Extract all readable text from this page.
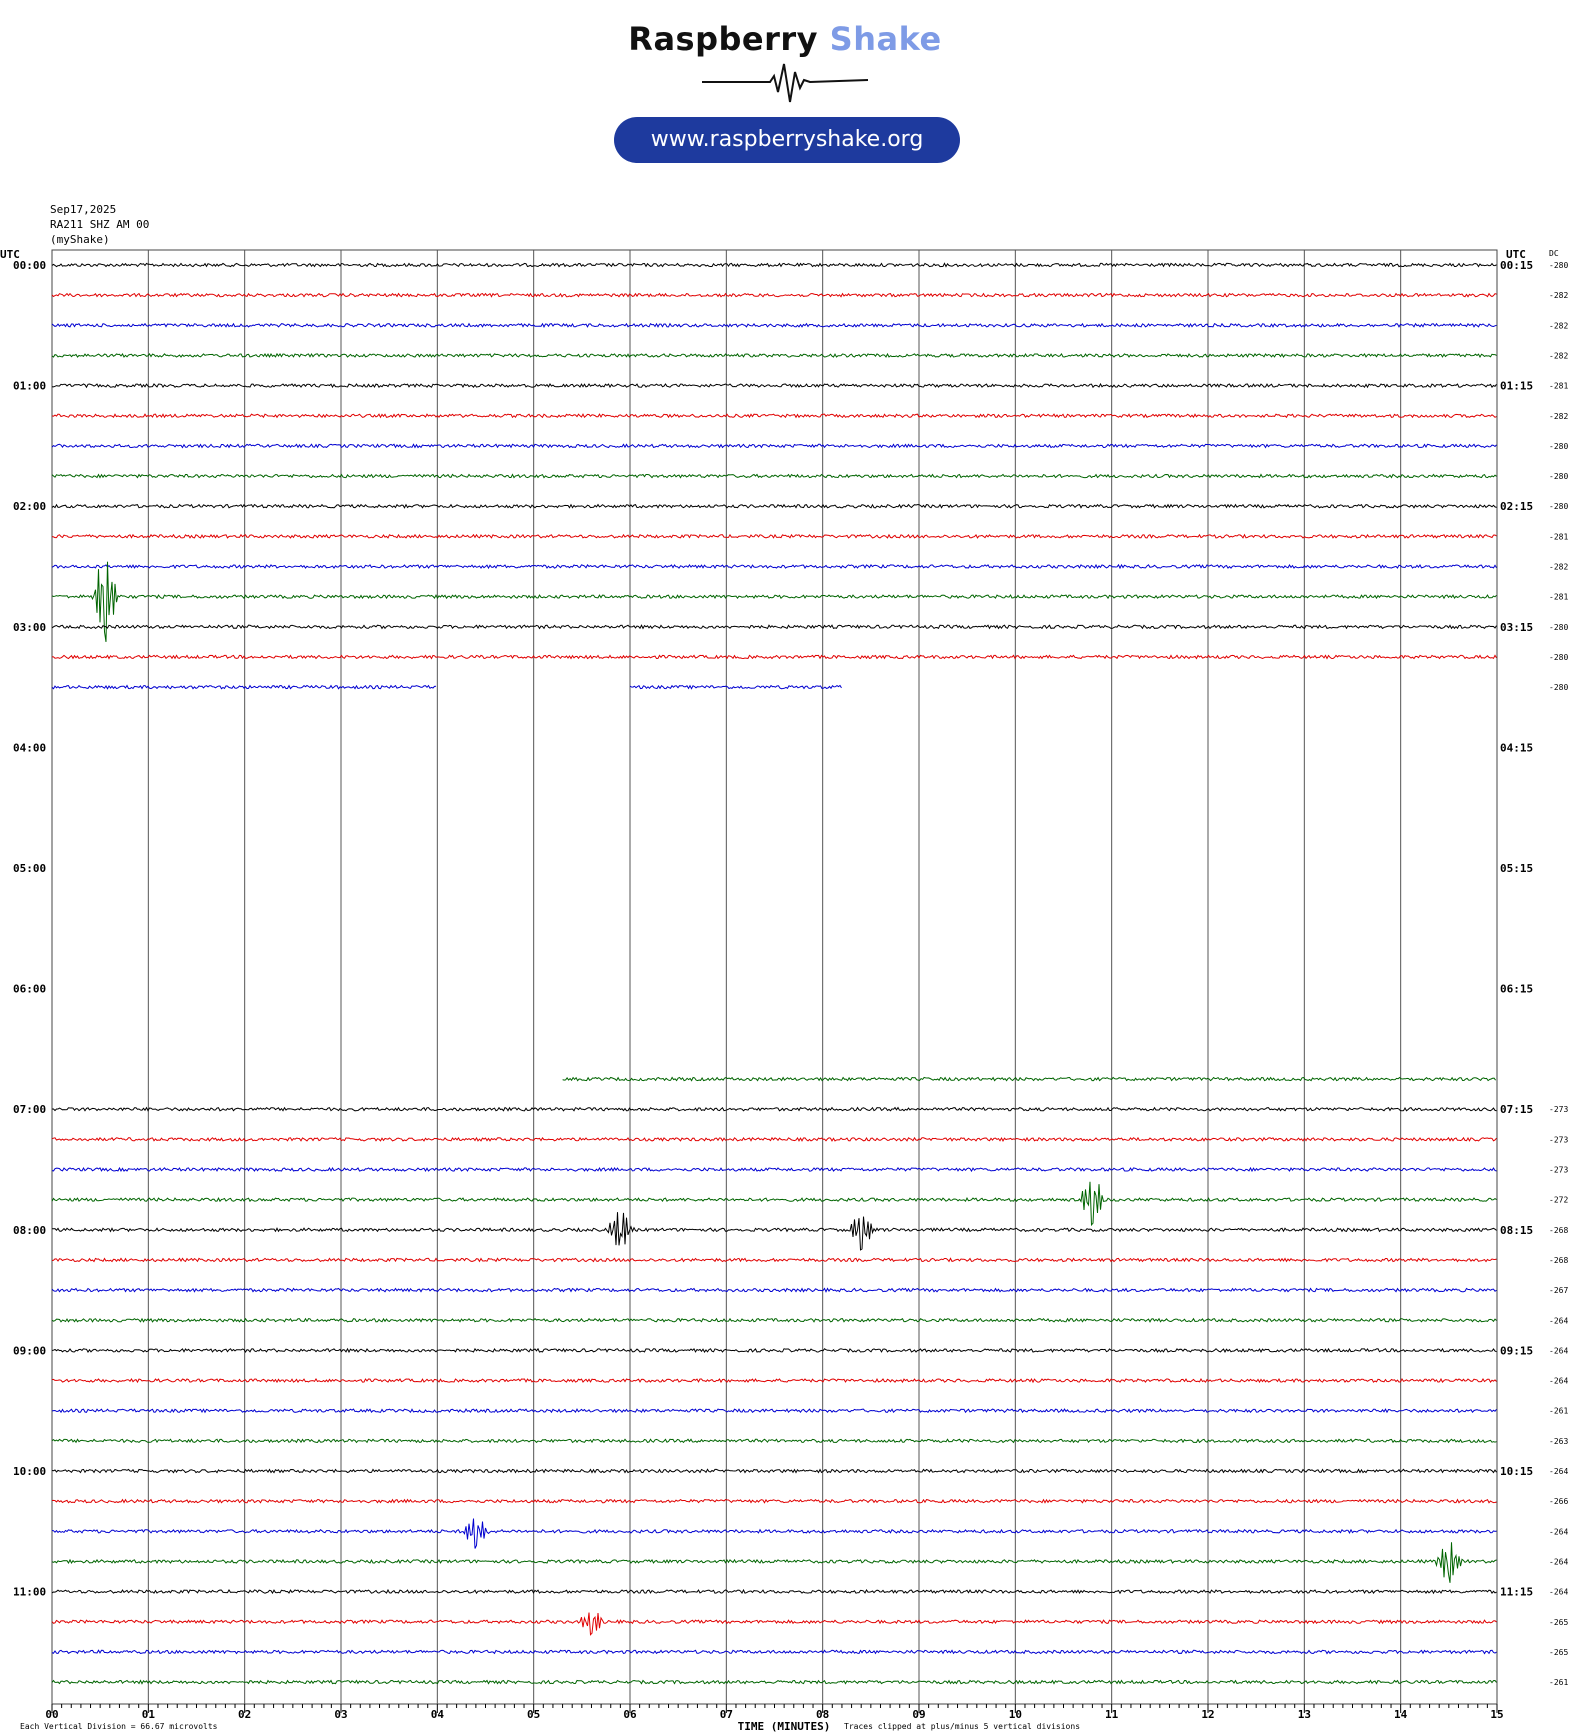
Raspberry Shake
www.raspberryshake.org
Sep17,2025
RA211 SHZ AM 00
(myShake)
00:00
01:00
02:00
03:00
04:00
05:00
06:00
07:00
08:00
09:00
10:00
11:00
00:15
01:15
02:15
03:15
04:15
05:15
06:15
07:15
08:15
09:15
10:15
11:15
UTC	UTC	DC
-280
-282
-282
-282
-281
-282
-280
-280
-280
-281
-282
-281
-280
-280
-280
-273
-273
-273
-272
-268
-268
-267
-264
-264
-264
-261
-263
-264
-266
-264
-264
-264
-265
-265
-261
00	01	02	03	04	05	06	07	08	09	10	11	12	13	14	15
TIME (MINUTES)
Each Vertical Division = 66.67 microvolts	Traces clipped at plus/minus 5 vertical divisions
